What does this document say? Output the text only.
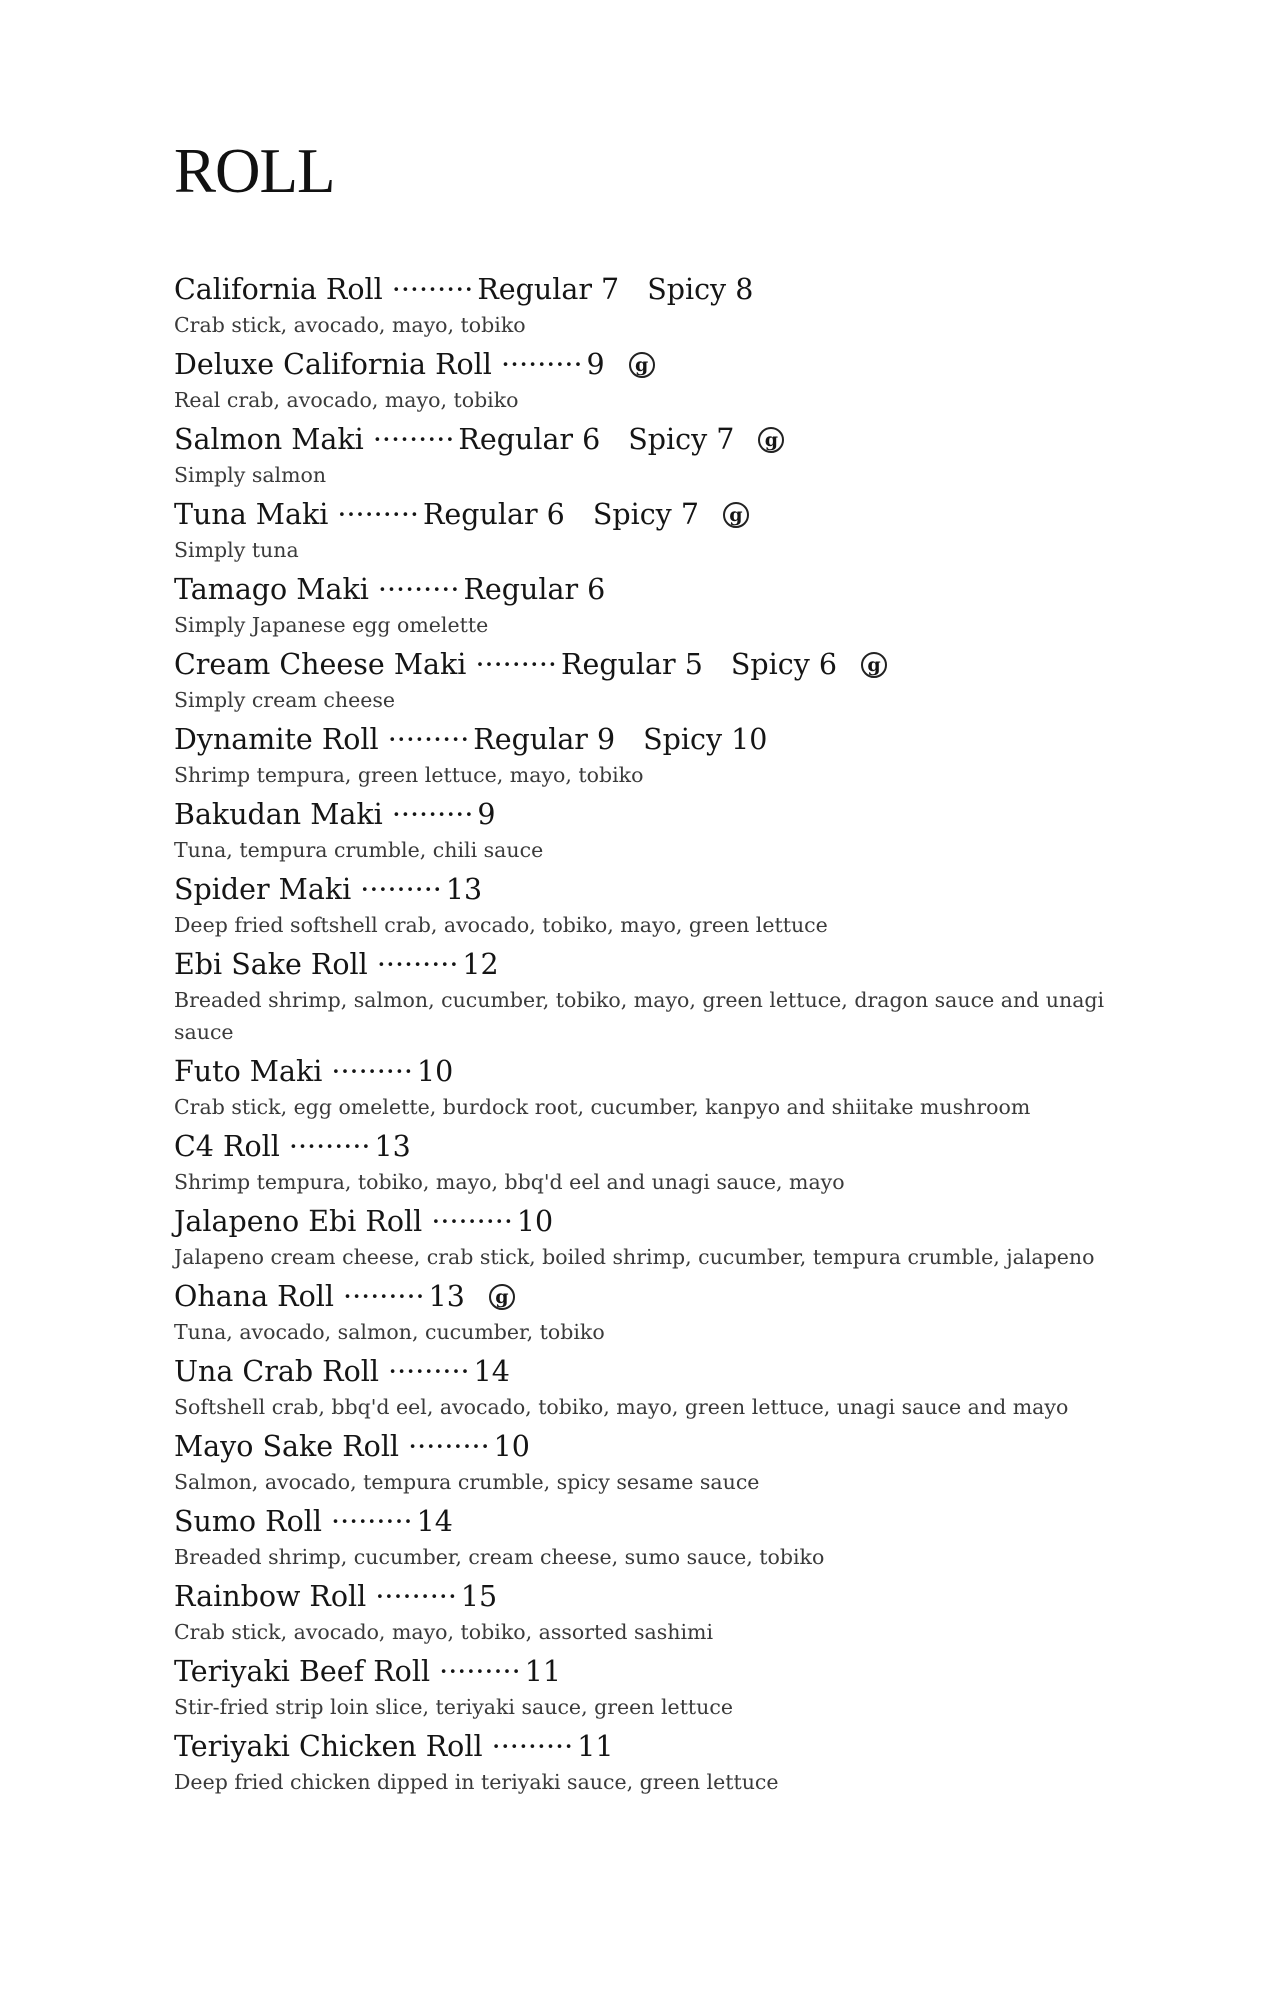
ROLL
California Roll ········· Regular 7 Spicy 8
Crab stick, avocado, mayo, tobiko
Deluxe California Roll ········· 9 g
Real crab, avocado, mayo, tobiko
Salmon Maki ········· Regular 6 Spicy 7 g
Simply salmon
Tuna Maki ········· Regular 6 Spicy 7 g
Simply tuna
Tamago Maki ········· Regular 6
Simply Japanese egg omelette
Cream Cheese Maki ········· Regular 5 Spicy 6 g
Simply cream cheese
Dynamite Roll ········· Regular 9 Spicy 10
Shrimp tempura, green lettuce, mayo, tobiko
Bakudan Maki ········· 9
Tuna, tempura crumble, chili sauce
Spider Maki ········· 13
Deep fried softshell crab, avocado, tobiko, mayo, green lettuce
Ebi Sake Roll ········· 12
Breaded shrimp, salmon, cucumber, tobiko, mayo, green lettuce, dragon sauce and unagi sauce
Futo Maki ········· 10
Crab stick, egg omelette, burdock root, cucumber, kanpyo and shiitake mushroom
C4 Roll ········· 13
Shrimp tempura, tobiko, mayo, bbq'd eel and unagi sauce, mayo
Jalapeno Ebi Roll ········· 10
Jalapeno cream cheese, crab stick, boiled shrimp, cucumber, tempura crumble, jalapeno
Ohana Roll ········· 13 g
Tuna, avocado, salmon, cucumber, tobiko
Una Crab Roll ········· 14
Softshell crab, bbq'd eel, avocado, tobiko, mayo, green lettuce, unagi sauce and mayo
Mayo Sake Roll ········· 10
Salmon, avocado, tempura crumble, spicy sesame sauce
Sumo Roll ········· 14
Breaded shrimp, cucumber, cream cheese, sumo sauce, tobiko
Rainbow Roll ········· 15
Crab stick, avocado, mayo, tobiko, assorted sashimi
Teriyaki Beef Roll ········· 11
Stir-fried strip loin slice, teriyaki sauce, green lettuce
Teriyaki Chicken Roll ········· 11
Deep fried chicken dipped in teriyaki sauce, green lettuce
